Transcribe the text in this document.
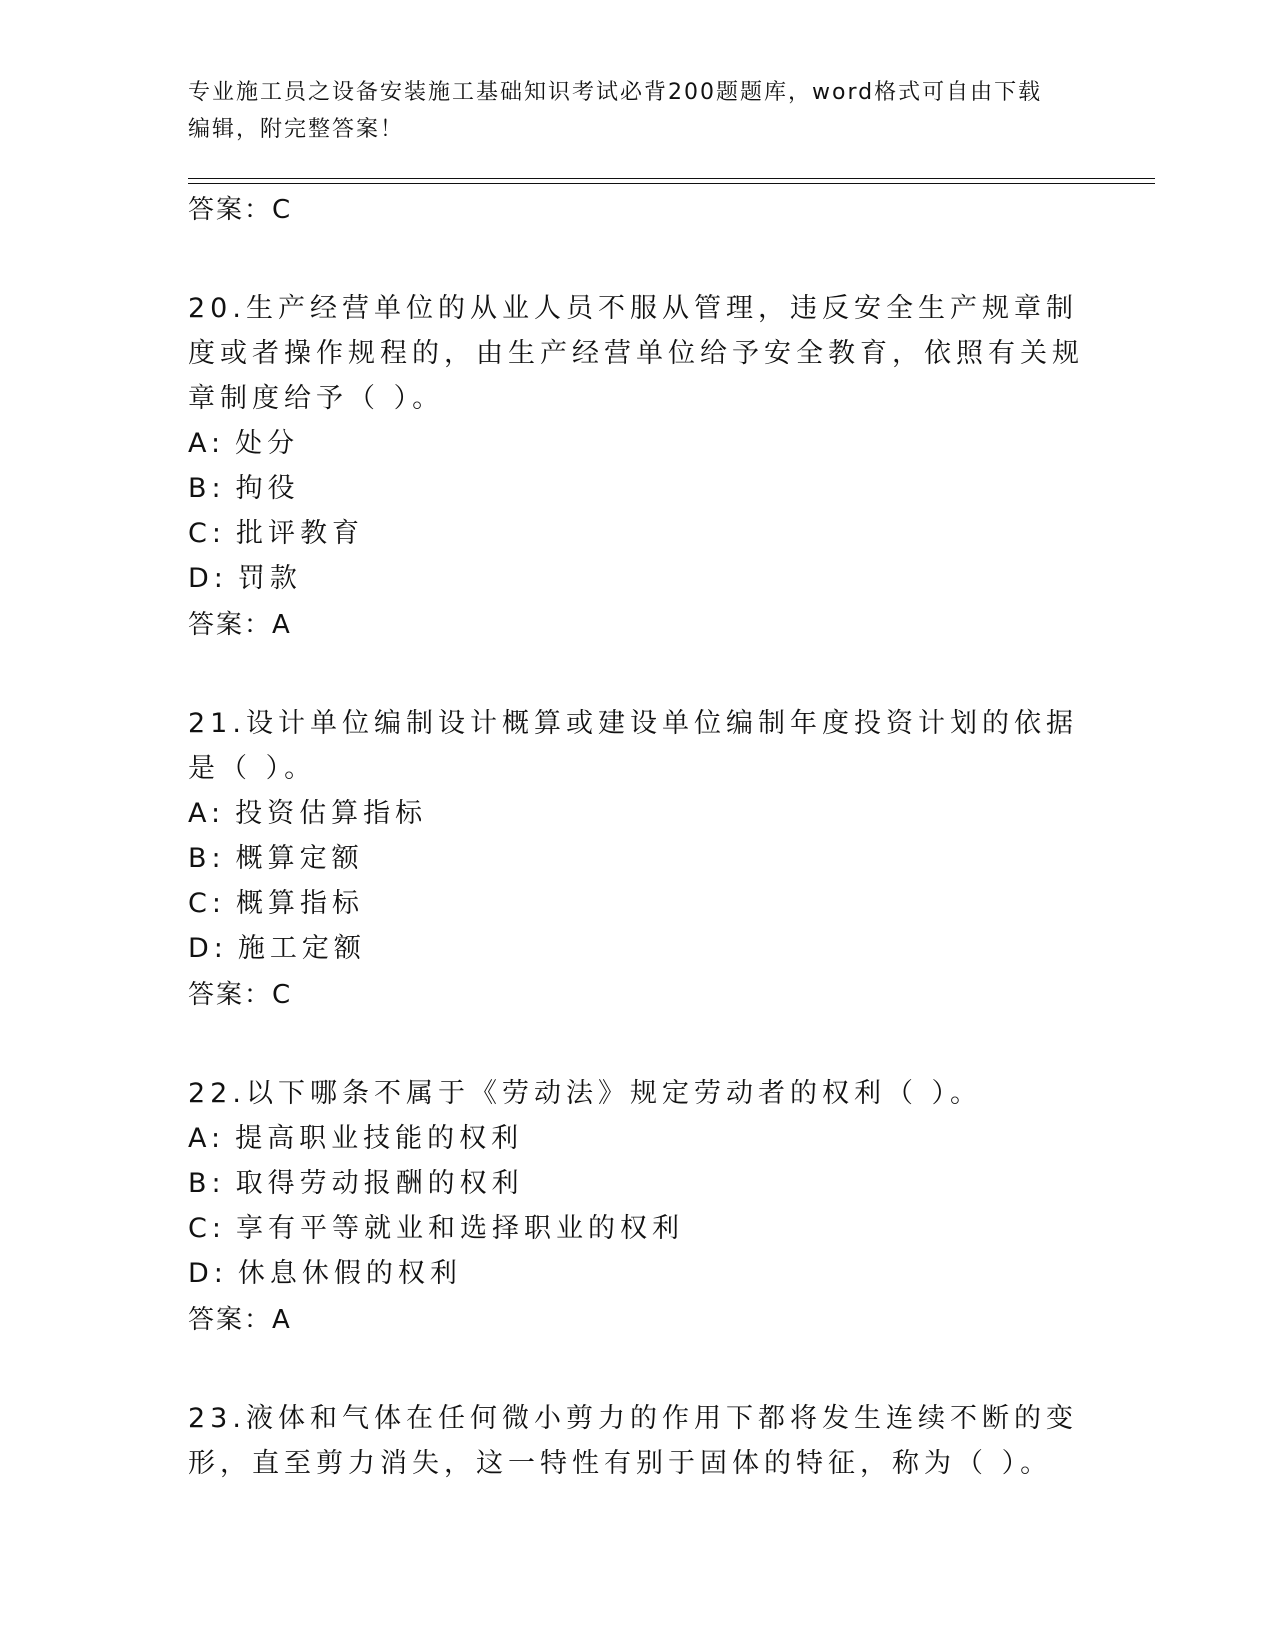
专业施工员之设备安装施工基础知识考试必背200题题库，word格式可自由下载
编辑，附完整答案！
答案：C

20.生产经营单位的从业人员不服从管理，违反安全生产规章制度或者操作规程的，由生产经营单位给予安全教育，依照有关规章制度给予（ ）。

A: 处分

B: 拘役

C: 批评教育

D: 罚款

答案：A

21.设计单位编制设计概算或建设单位编制年度投资计划的依据是（ ）。

A: 投资估算指标

B: 概算定额

C: 概算指标

D: 施工定额

答案：C

22.以下哪条不属于《劳动法》规定劳动者的权利（ ）。

A: 提高职业技能的权利

B: 取得劳动报酬的权利

C: 享有平等就业和选择职业的权利

D: 休息休假的权利

答案：A

23.液体和气体在任何微小剪力的作用下都将发生连续不断的变形，直至剪力消失，这一特性有别于固体的特征，称为（ ）。
